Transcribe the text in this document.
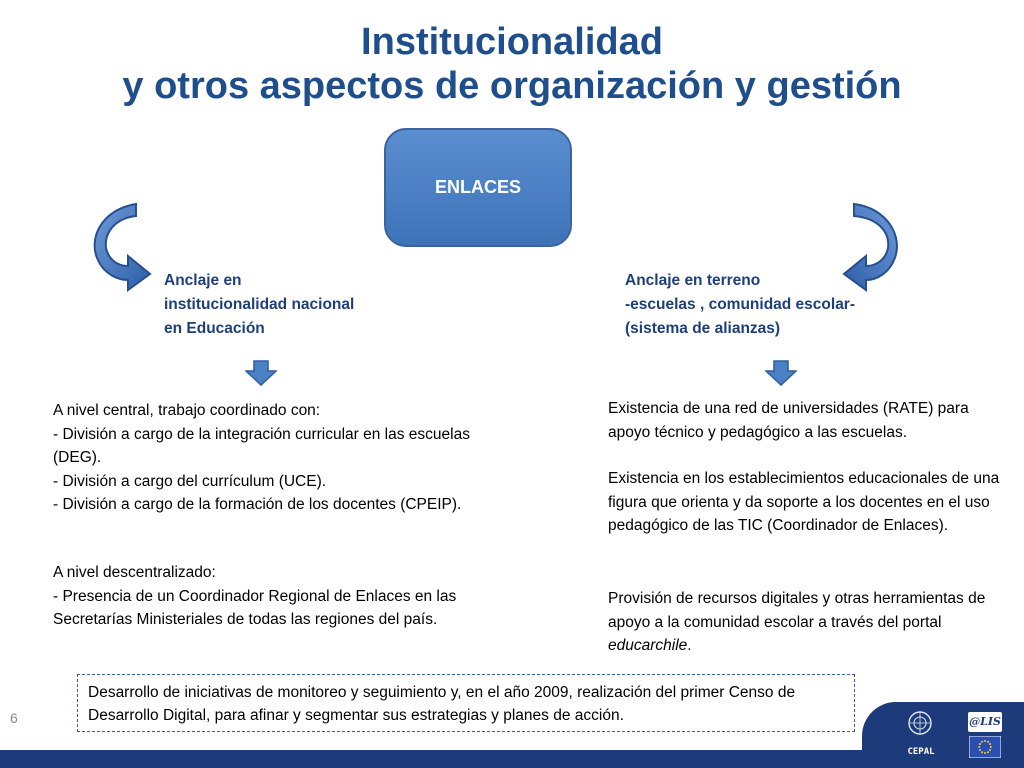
Institucionalidad
y otros aspectos de organización y gestión
ENLACES
Anclaje en
institucionalidad nacional
en Educación
Anclaje en terreno
-escuelas , comunidad escolar-
(sistema de alianzas)

A nivel central, trabajo coordinado con:

- División a cargo de la integración curricular en las escuelas (DEG).

- División a cargo del currículum (UCE).

- División a cargo de la formación de los docentes (CPEIP).

A nivel descentralizado:

- Presencia de un Coordinador Regional de Enlaces en las Secretarías Ministeriales de todas las regiones del país.

Existencia de una red de universidades (RATE) para apoyo técnico y pedagógico a las escuelas.

Existencia en los establecimientos educacionales de una figura que orienta y da soporte a los docentes en el uso pedagógico de las TIC (Coordinador de Enlaces).

Provisión de recursos digitales y otras herramientas de apoyo a la comunidad escolar a través del portal educarchile.

Desarrollo de iniciativas de monitoreo y seguimiento y, en el año 2009, realización del primer Censo de Desarrollo Digital, para afinar y segmentar sus estrategias y planes de acción.
6
CEPAL
@LIS
